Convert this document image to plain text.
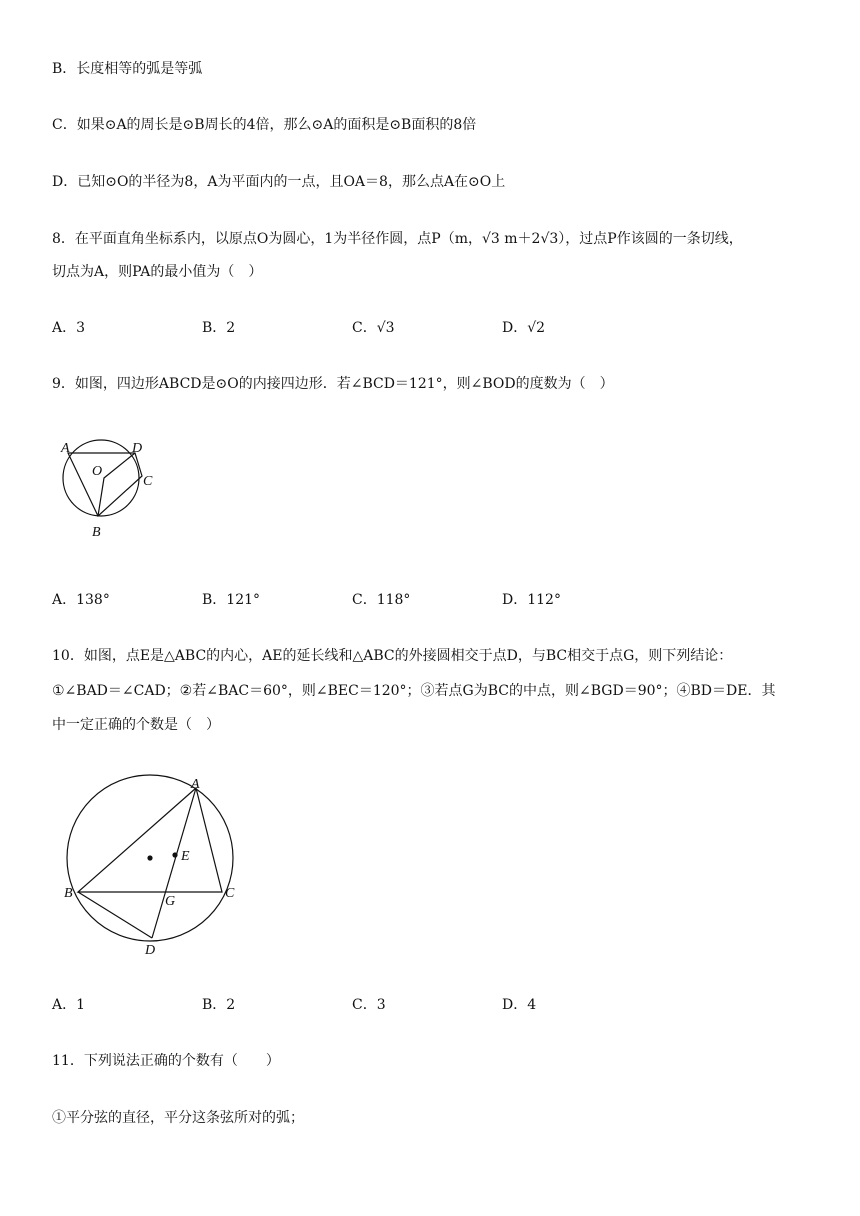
B．长度相等的弧是等弧
C．如果⊙A的周长是⊙B周长的4倍，那么⊙A的面积是⊙B面积的8倍
D．已知⊙O的半径为8，A为平面内的一点，且OA＝8，那么点A在⊙O上
8．在平面直角坐标系内，以原点O为圆心，1为半径作圆，点P（m，√3 m＋2√3），过点P作该圆的一条切线，
切点为A，则PA的最小值为（　）
A．3	B．2	C．√3	D．√2
9．如图，四边形ABCD是⊙O的内接四边形．若∠BCD＝121°，则∠BOD的度数为（　）
A	D
O
C
B
A．138°	B．121°	C．118°	D．112°
10．如图，点E是△ABC的内心，AE的延长线和△ABC的外接圆相交于点D，与BC相交于点G，则下列结论：
①∠BAD＝∠CAD；②若∠BAC＝60°，则∠BEC＝120°；③若点G为BC的中点，则∠BGD＝90°；④BD＝DE．其
中一定正确的个数是（　）
A
E
B
G
C
D
A．1	B．2	C．3	D．4
11．下列说法正确的个数有（　　）
①平分弦的直径，平分这条弦所对的弧；
